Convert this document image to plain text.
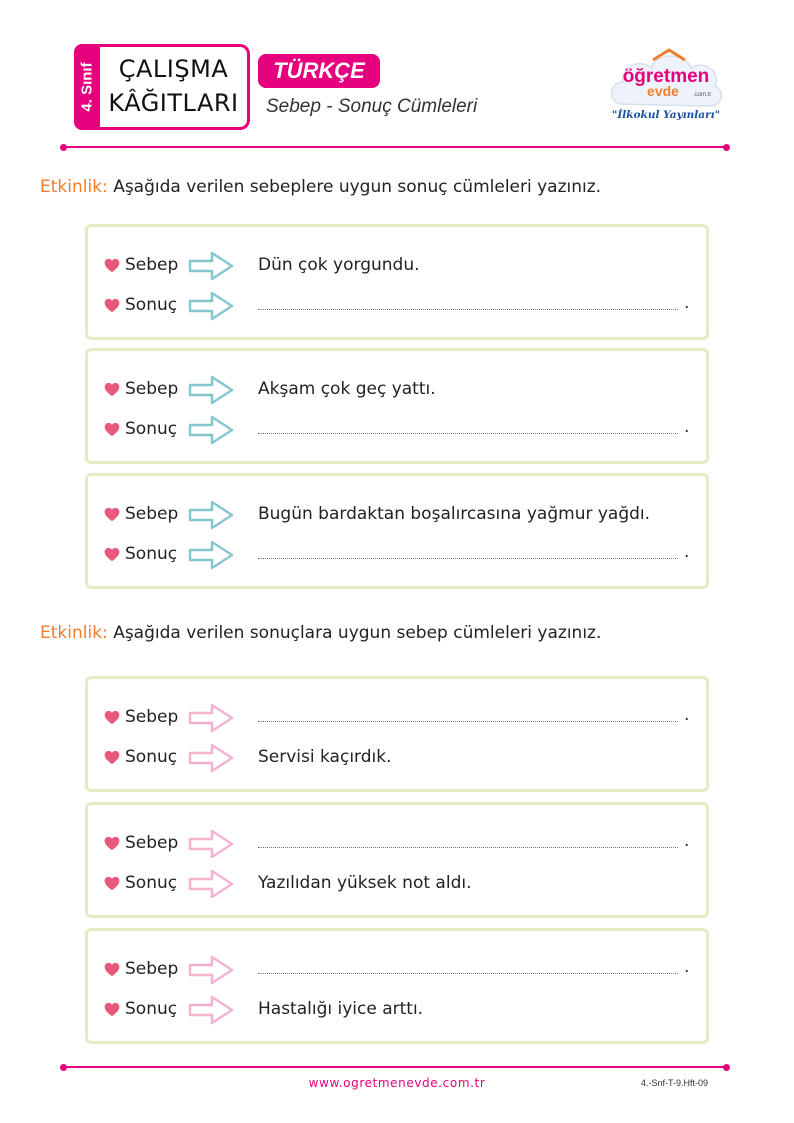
4. Sınıf ÇALIŞMA
KÂĞITLARI
TÜRKÇE
Sebep - Sonuç Cümleleri
öğretmen
evde .com.tr
"İlkokul Yayınları"
Etkinlik: Aşağıda verilen sebeplere uygun sonuç cümleleri yazınız.
Sebep	Dün çok yorgundu.
Sonuç	.
Sebep	Akşam çok geç yattı.
Sonuç	.
Sebep	Bugün bardaktan boşalırcasına yağmur yağdı.
Sonuç	.
Etkinlik: Aşağıda verilen sonuçlara uygun sebep cümleleri yazınız.
Sebep	.
Sonuç	Servisi kaçırdık.
Sebep	.
Sonuç	Yazılıdan yüksek not aldı.
Sebep	.
Sonuç	Hastalığı iyice arttı.
www.ogretmenevde.com.tr	4.-Snf-T-9.Hft-09
